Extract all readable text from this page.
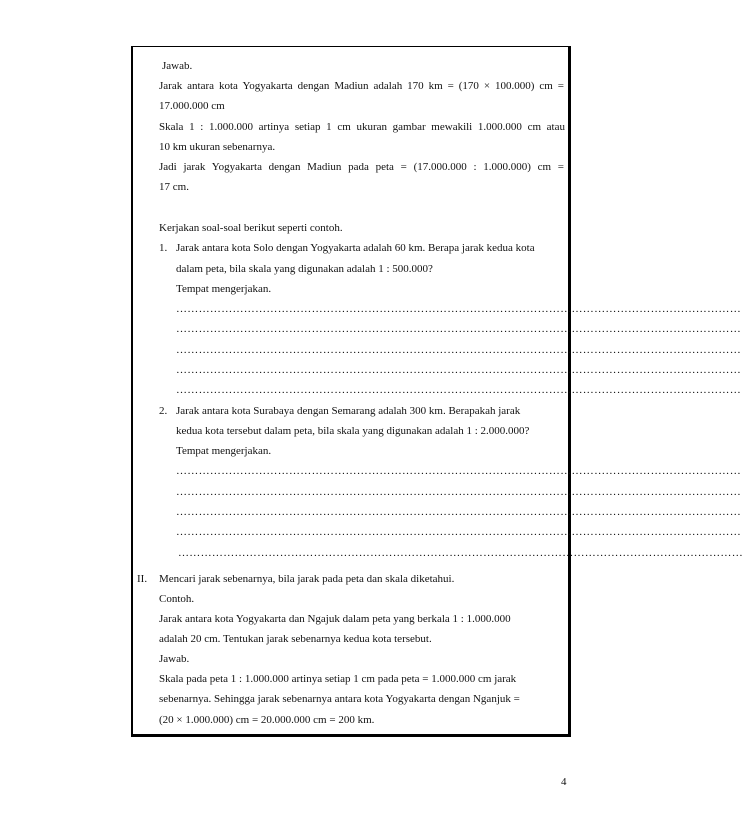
Jawab.
Jarak antara kota Yogyakarta dengan Madiun adalah 170 km = (170 × 100.000) cm =
17.000.000 cm
Skala 1 : 1.000.000 artinya setiap 1 cm ukuran gambar mewakili 1.000.000 cm atau
10 km ukuran sebenarnya.
Jadi jarak Yogyakarta dengan Madiun pada peta = (17.000.000 : 1.000.000) cm =
17 cm.
Kerjakan soal-soal berikut seperti contoh.
1. Jarak antara kota Solo dengan Yogyakarta adalah 60 km. Berapa jarak kedua kota
dalam peta, bila skala yang digunakan adalah 1 : 500.000?
Tempat mengerjakan.
……………………………………………………………………………………………………………………………………
……………………………………………………………………………………………………………………………………
……………………………………………………………………………………………………………………………………
……………………………………………………………………………………………………………………………………
……………………………………………………………………………………………………………………………………
2. Jarak antara kota Surabaya dengan Semarang adalah 300 km. Berapakah jarak
kedua kota tersebut dalam peta, bila skala yang digunakan adalah 1 : 2.000.000?
Tempat mengerjakan.
……………………………………………………………………………………………………………………………………
……………………………………………………………………………………………………………………………………
……………………………………………………………………………………………………………………………………
……………………………………………………………………………………………………………………………………
……………………………………………………………………………………………………………………………………
II. Mencari jarak sebenarnya, bila jarak pada peta dan skala diketahui.
Contoh.
Jarak antara kota Yogyakarta dan Ngajuk dalam peta yang berkala 1 : 1.000.000
adalah 20 cm. Tentukan jarak sebenarnya kedua kota tersebut.
Jawab.
Skala pada peta 1 : 1.000.000 artinya setiap 1 cm pada peta = 1.000.000 cm jarak
sebenarnya. Sehingga jarak sebenarnya antara kota Yogyakarta dengan Nganjuk =
(20 × 1.000.000) cm = 20.000.000 cm = 200 km.
4
